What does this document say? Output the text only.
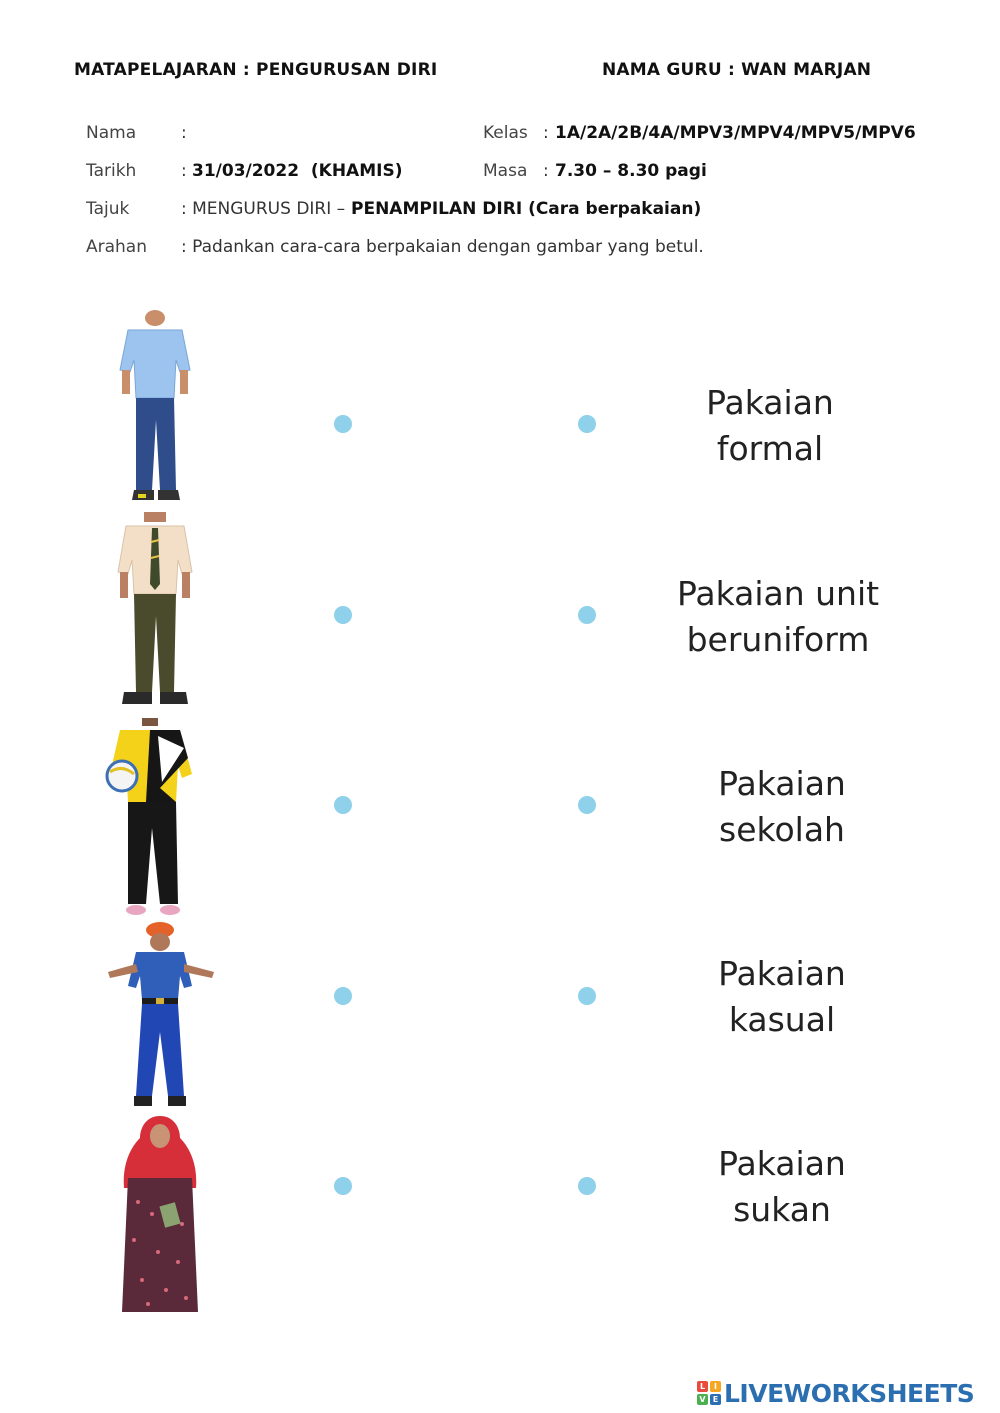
MATAPELAJARAN : PENGURUSAN DIRI	NAMA GURU : WAN MARJAN
Nama	:	Kelas : 1A/2A/2B/4A/MPV3/MPV4/MPV5/MPV6
Tarikh	: 31/03/2022  (KHAMIS)	Masa : 7.30 – 8.30 pagi
Tajuk	: MENGURUS DIRI – PENAMPILAN DIRI (Cara berpakaian)
Arahan : Padankan cara-cara berpakaian dengan gambar yang betul.
Pakaian
formal
Pakaian unit
beruniform
Pakaian
sekolah
Pakaian
kasual
Pakaian
sukan
L	I
V E LIVEWORKSHEETS
